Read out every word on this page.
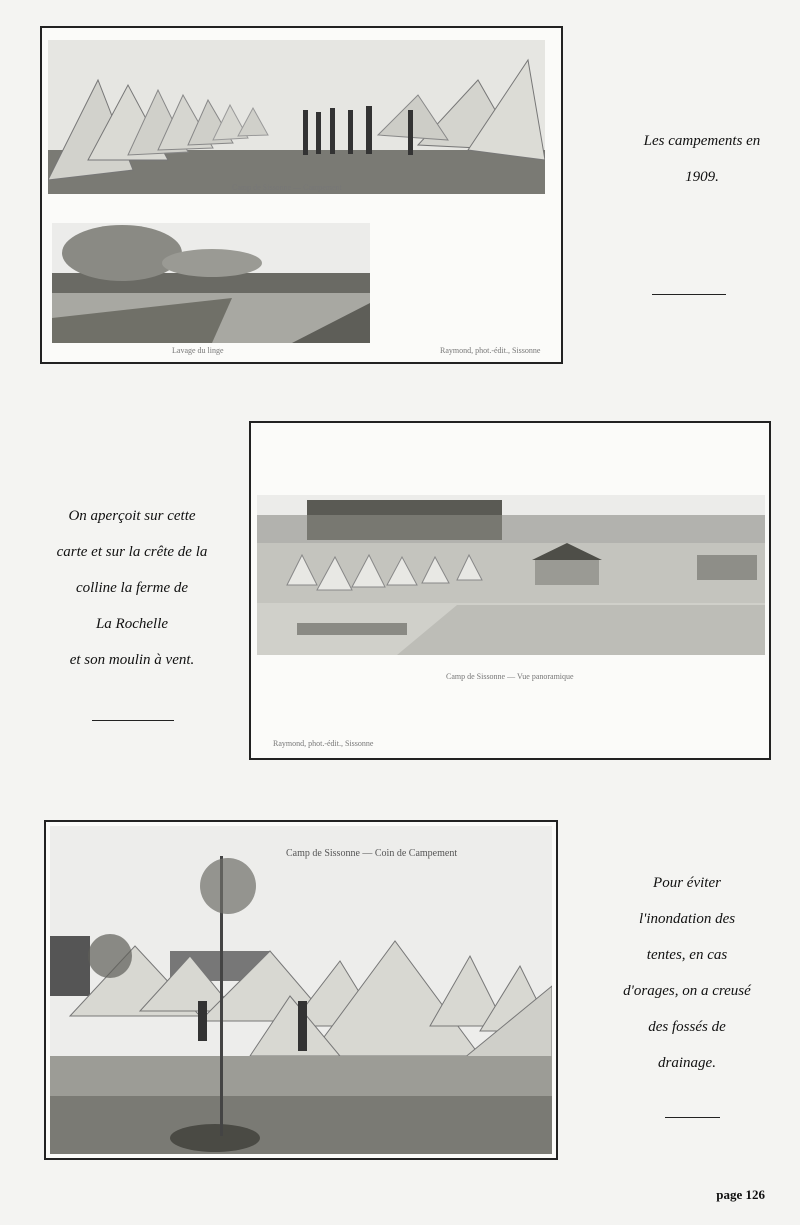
Camp de Sissonne — Campement
Lavage du linge	Raymond, phot.-édit., Sissonne
Les campements en
1909.
Camp de Sissonne — Vue panoramique
Raymond, phot.-édit., Sissonne
On aperçoit sur cette
carte et sur la crête de la
colline la ferme de
La Rochelle
et son moulin à vent.
Camp de Sissonne — Coin de Campement
Pour éviter
l'inondation des
tentes, en cas
d'orages, on a creusé
des fossés de
drainage.
page 126
